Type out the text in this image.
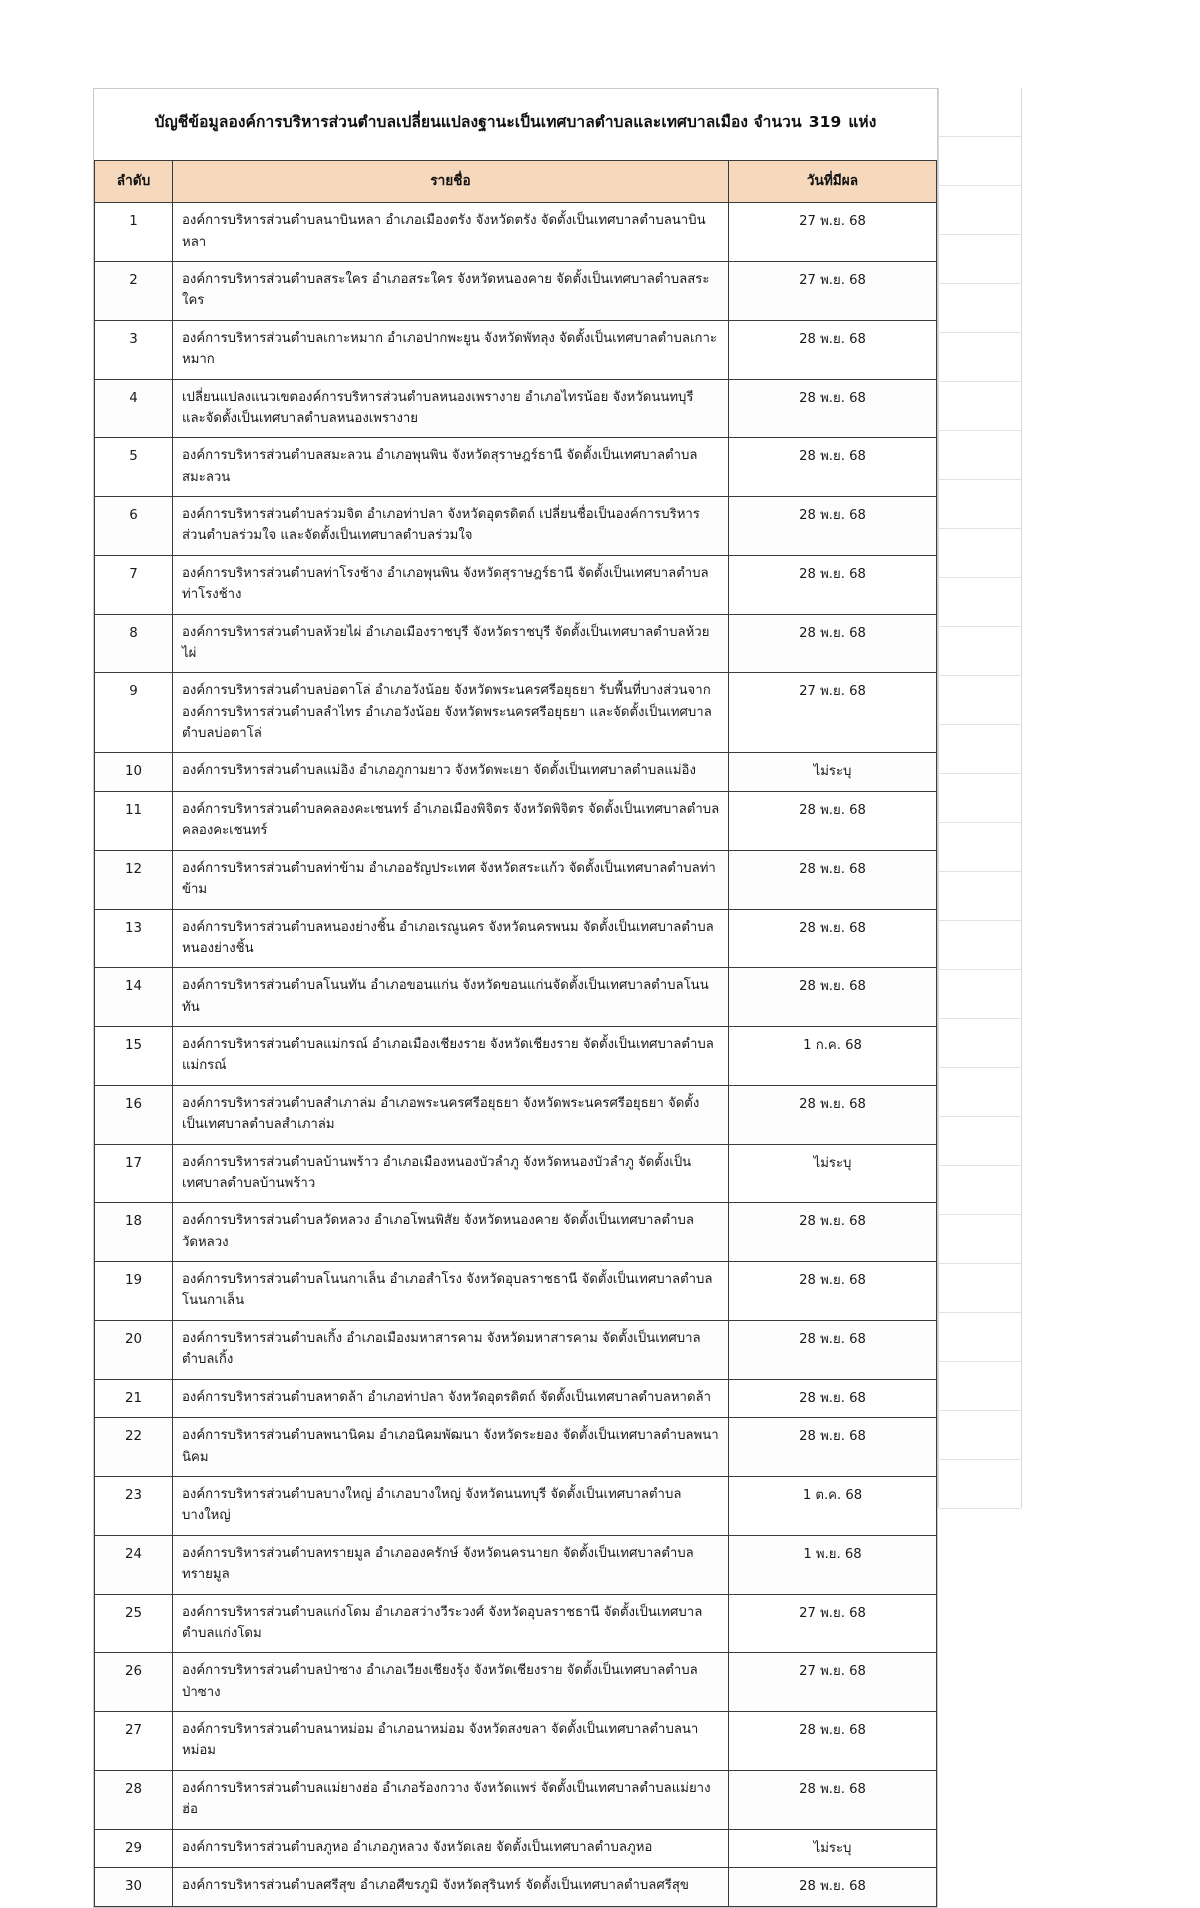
บัญชีข้อมูลองค์การบริหารส่วนตำบลเปลี่ยนแปลงฐานะเป็นเทศบาลตำบลและเทศบาลเมือง จำนวน 319 แห่ง
ลำดับ	รายชื่อ	วันที่มีผล
1	องค์การบริหารส่วนตำบลนาบินหลา อำเภอเมืองตรัง จังหวัดตรัง จัดตั้งเป็นเทศบาลตำบลนาบินหลา	27 พ.ย. 68
2	องค์การบริหารส่วนตำบลสระใคร อำเภอสระใคร จังหวัดหนองคาย จัดตั้งเป็นเทศบาลตำบลสระใคร	27 พ.ย. 68
3	องค์การบริหารส่วนตำบลเกาะหมาก อำเภอปากพะยูน จังหวัดพัทลุง จัดตั้งเป็นเทศบาลตำบลเกาะหมาก	28 พ.ย. 68
4	เปลี่ยนแปลงแนวเขตองค์การบริหารส่วนตำบลหนองเพรางาย อำเภอไทรน้อย จังหวัดนนทบุรี และจัดตั้งเป็นเทศบาลตำบลหนองเพรางาย	28 พ.ย. 68
5	องค์การบริหารส่วนตำบลสมะลวน อำเภอพุนพิน จังหวัดสุราษฎร์ธานี จัดตั้งเป็นเทศบาลตำบลสมะลวน	28 พ.ย. 68
6	องค์การบริหารส่วนตำบลร่วมจิต อำเภอท่าปลา จังหวัดอุตรดิตถ์ เปลี่ยนชื่อเป็นองค์การบริหารส่วนตำบลร่วมใจ และจัดตั้งเป็นเทศบาลตำบลร่วมใจ	28 พ.ย. 68
7	องค์การบริหารส่วนตำบลท่าโรงช้าง อำเภอพุนพิน จังหวัดสุราษฎร์ธานี จัดตั้งเป็นเทศบาลตำบลท่าโรงช้าง	28 พ.ย. 68
8	องค์การบริหารส่วนตำบลห้วยไผ่ อำเภอเมืองราชบุรี จังหวัดราชบุรี จัดตั้งเป็นเทศบาลตำบลห้วยไผ่	28 พ.ย. 68
9	องค์การบริหารส่วนตำบลบ่อตาโล่ อำเภอวังน้อย จังหวัดพระนครศรีอยุธยา รับพื้นที่บางส่วนจากองค์การบริหารส่วนตำบลลำไทร อำเภอวังน้อย จังหวัดพระนครศรีอยุธยา และจัดตั้งเป็นเทศบาลตำบลบ่อตาโล่	27 พ.ย. 68
10	องค์การบริหารส่วนตำบลแม่อิง อำเภอภูกามยาว จังหวัดพะเยา จัดตั้งเป็นเทศบาลตำบลแม่อิง	ไม่ระบุ
11	องค์การบริหารส่วนตำบลคลองคะเชนทร์ อำเภอเมืองพิจิตร จังหวัดพิจิตร จัดตั้งเป็นเทศบาลตำบลคลองคะเชนทร์	28 พ.ย. 68
12	องค์การบริหารส่วนตำบลท่าข้าม อำเภออรัญประเทศ จังหวัดสระแก้ว จัดตั้งเป็นเทศบาลตำบลท่าข้าม	28 พ.ย. 68
13	องค์การบริหารส่วนตำบลหนองย่างชิ้น อำเภอเรณูนคร จังหวัดนครพนม จัดตั้งเป็นเทศบาลตำบลหนองย่างชิ้น	28 พ.ย. 68
14	องค์การบริหารส่วนตำบลโนนทัน อำเภอขอนแก่น จังหวัดขอนแก่นจัดตั้งเป็นเทศบาลตำบลโนนทัน	28 พ.ย. 68
15	องค์การบริหารส่วนตำบลแม่กรณ์ อำเภอเมืองเชียงราย จังหวัดเชียงราย จัดตั้งเป็นเทศบาลตำบลแม่กรณ์	1 ก.ค. 68
16	องค์การบริหารส่วนตำบลสำเภาล่ม อำเภอพระนครศรีอยุธยา จังหวัดพระนครศรีอยุธยา จัดตั้งเป็นเทศบาลตำบลสำเภาล่ม	28 พ.ย. 68
17	องค์การบริหารส่วนตำบลบ้านพร้าว อำเภอเมืองหนองบัวลำภู จังหวัดหนองบัวลำภู จัดตั้งเป็นเทศบาลตำบลบ้านพร้าว	ไม่ระบุ
18	องค์การบริหารส่วนตำบลวัดหลวง อำเภอโพนพิสัย จังหวัดหนองคาย จัดตั้งเป็นเทศบาลตำบลวัดหลวง	28 พ.ย. 68
19	องค์การบริหารส่วนตำบลโนนกาเล็น อำเภอสำโรง จังหวัดอุบลราชธานี จัดตั้งเป็นเทศบาลตำบลโนนกาเล็น	28 พ.ย. 68
20	องค์การบริหารส่วนตำบลเกิ้ง อำเภอเมืองมหาสารคาม จังหวัดมหาสารคาม จัดตั้งเป็นเทศบาลตำบลเกิ้ง	28 พ.ย. 68
21	องค์การบริหารส่วนตำบลหาดล้า อำเภอท่าปลา จังหวัดอุตรดิตถ์ จัดตั้งเป็นเทศบาลตำบลหาดล้า	28 พ.ย. 68
22	องค์การบริหารส่วนตำบลพนานิคม อำเภอนิคมพัฒนา จังหวัดระยอง จัดตั้งเป็นเทศบาลตำบลพนานิคม	28 พ.ย. 68
23	องค์การบริหารส่วนตำบลบางใหญ่ อำเภอบางใหญ่ จังหวัดนนทบุรี จัดตั้งเป็นเทศบาลตำบลบางใหญ่	1 ต.ค. 68
24	องค์การบริหารส่วนตำบลทรายมูล อำเภอองครักษ์ จังหวัดนครนายก จัดตั้งเป็นเทศบาลตำบลทรายมูล	1 พ.ย. 68
25	องค์การบริหารส่วนตำบลแก่งโดม อำเภอสว่างวีระวงศ์ จังหวัดอุบลราชธานี จัดตั้งเป็นเทศบาลตำบลแก่งโดม	27 พ.ย. 68
26	องค์การบริหารส่วนตำบลป่าซาง อำเภอเวียงเชียงรุ้ง จังหวัดเชียงราย จัดตั้งเป็นเทศบาลตำบลป่าซาง	27 พ.ย. 68
27	องค์การบริหารส่วนตำบลนาหม่อม อำเภอนาหม่อม จังหวัดสงขลา จัดตั้งเป็นเทศบาลตำบลนาหม่อม	28 พ.ย. 68
28	องค์การบริหารส่วนตำบลแม่ยางฮ่อ อำเภอร้องกวาง จังหวัดแพร่ จัดตั้งเป็นเทศบาลตำบลแม่ยางฮ่อ	28 พ.ย. 68
29	องค์การบริหารส่วนตำบลภูหอ อำเภอภูหลวง จังหวัดเลย จัดตั้งเป็นเทศบาลตำบลภูหอ	ไม่ระบุ
30	องค์การบริหารส่วนตำบลศรีสุข อำเภอศีขรภูมิ จังหวัดสุรินทร์ จัดตั้งเป็นเทศบาลตำบลศรีสุข	28 พ.ย. 68
